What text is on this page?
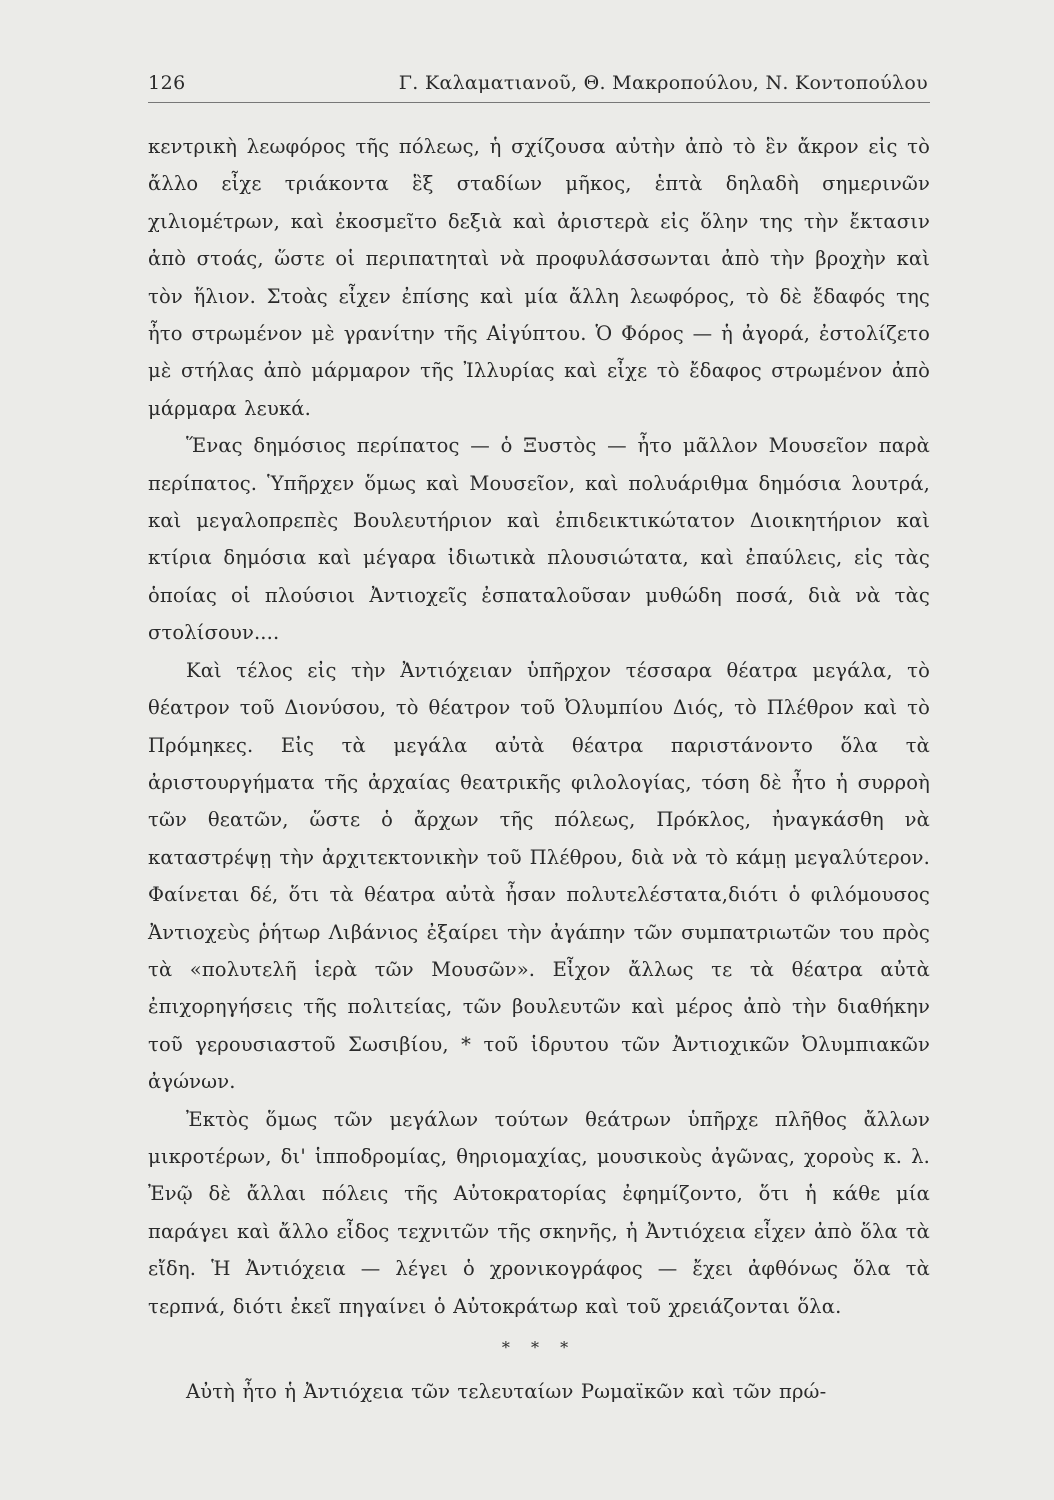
126	Γ. Καλαματιανοῦ, Θ. Μακροπούλου, Ν. Κοντοπούλου

κεντρικὴ λεωφόρος τῆς πόλεως, ἡ σχίζουσα αὐτὴν ἀπὸ τὸ ἓν ἄκρον εἰς τὸ ἄλλο εἶχε τριάκοντα ἓξ σταδίων μῆκος, ἑπτὰ δηλαδὴ σημερινῶν χιλιομέτρων, καὶ ἐκοσμεῖτο δεξιὰ καὶ ἀριστερὰ εἰς ὅλην της τὴν ἔκτασιν ἀπὸ στοάς, ὥστε οἱ περιπατηταὶ νὰ προφυλάσσωνται ἀπὸ τὴν βροχὴν καὶ τὸν ἥλιον. Στοὰς εἶχεν ἐπίσης καὶ μία ἄλλη λεωφόρος, τὸ δὲ ἔδαφός της ἦτο στρωμένον μὲ γρανίτην τῆς Αἰγύπτου. Ὁ Φόρος — ἡ ἀγορά, ἐστολίζετο μὲ στήλας ἀπὸ μάρμαρον τῆς Ἰλλυρίας καὶ εἶχε τὸ ἔδαφος στρωμένον ἀπὸ μάρμαρα λευκά.

Ἕνας δημόσιος περίπατος — ὁ Ξυστὸς — ἦτο μᾶλλον Μουσεῖον παρὰ περίπατος. Ὑπῆρχεν ὅμως καὶ Μουσεῖον, καὶ πολυάριθμα δημόσια λουτρά, καὶ μεγαλοπρεπὲς Βουλευτήριον καὶ ἐπιδεικτικώτατον Διοικητήριον καὶ κτίρια δημόσια καὶ μέγαρα ἰδιωτικὰ πλουσιώτατα, καὶ ἐπαύλεις, εἰς τὰς ὁποίας οἱ πλούσιοι Ἀντιοχεῖς ἐσπαταλοῦσαν μυθώδη ποσά, διὰ νὰ τὰς στολίσουν....

Καὶ τέλος εἰς τὴν Ἀντιόχειαν ὑπῆρχον τέσσαρα θέατρα μεγάλα, τὸ θέατρον τοῦ Διονύσου, τὸ θέατρον τοῦ Ὀλυμπίου Διός, τὸ Πλέθρον καὶ τὸ Πρόμηκες. Εἰς τὰ μεγάλα αὐτὰ θέατρα παριστάνοντο ὅλα τὰ ἀριστουργήματα τῆς ἀρχαίας θεατρικῆς φιλολογίας, τόση δὲ ἦτο ἡ συρροὴ τῶν θεατῶν, ὥστε ὁ ἄρχων τῆς πόλεως, Πρόκλος, ἠναγκάσθη νὰ καταστρέψῃ τὴν ἀρχιτεκτονικὴν τοῦ Πλέθρου, διὰ νὰ τὸ κάμῃ μεγαλύτερον. Φαίνεται δέ, ὅτι τὰ θέατρα αὐτὰ ἦσαν πολυτελέστατα,διότι ὁ φιλόμουσος Ἀντιοχεὺς ῥήτωρ Λιβάνιος ἐξαίρει τὴν ἀγάπην τῶν συμπατριωτῶν του πρὸς τὰ «πολυτελῆ ἱερὰ τῶν Μουσῶν». Εἶχον ἄλλως τε τὰ θέατρα αὐτὰ ἐπιχορηγήσεις τῆς πολιτείας, τῶν βουλευτῶν καὶ μέρος ἀπὸ τὴν διαθήκην τοῦ γερουσιαστοῦ Σωσιβίου, * τοῦ ἱδρυτου τῶν Ἀντιοχικῶν Ὀλυμπιακῶν ἀγώνων.

Ἐκτὸς ὅμως τῶν μεγάλων τούτων θεάτρων ὑπῆρχε πλῆθος ἄλλων μικροτέρων, δι' ἱπποδρομίας, θηριομαχίας, μουσικοὺς ἀγῶνας, χοροὺς κ. λ. Ἐνῷ δὲ ἄλλαι πόλεις τῆς Αὐτοκρατορίας ἐφημίζοντο, ὅτι ἡ κάθε μία παράγει καὶ ἄλλο εἶδος τεχνιτῶν τῆς σκηνῆς, ἡ Ἀντιόχεια εἶχεν ἀπὸ ὅλα τὰ εἴδη. Ἡ Ἀντιόχεια — λέγει ὁ χρονικογράφος — ἔχει ἀφθόνως ὅλα τὰ τερπνά, διότι ἐκεῖ πηγαίνει ὁ Αὐτοκράτωρ καὶ τοῦ χρειάζονται ὅλα.

* * *

Αὐτὴ ἦτο ἡ Ἀντιόχεια τῶν τελευταίων Ρωμαϊκῶν καὶ τῶν πρώ-
